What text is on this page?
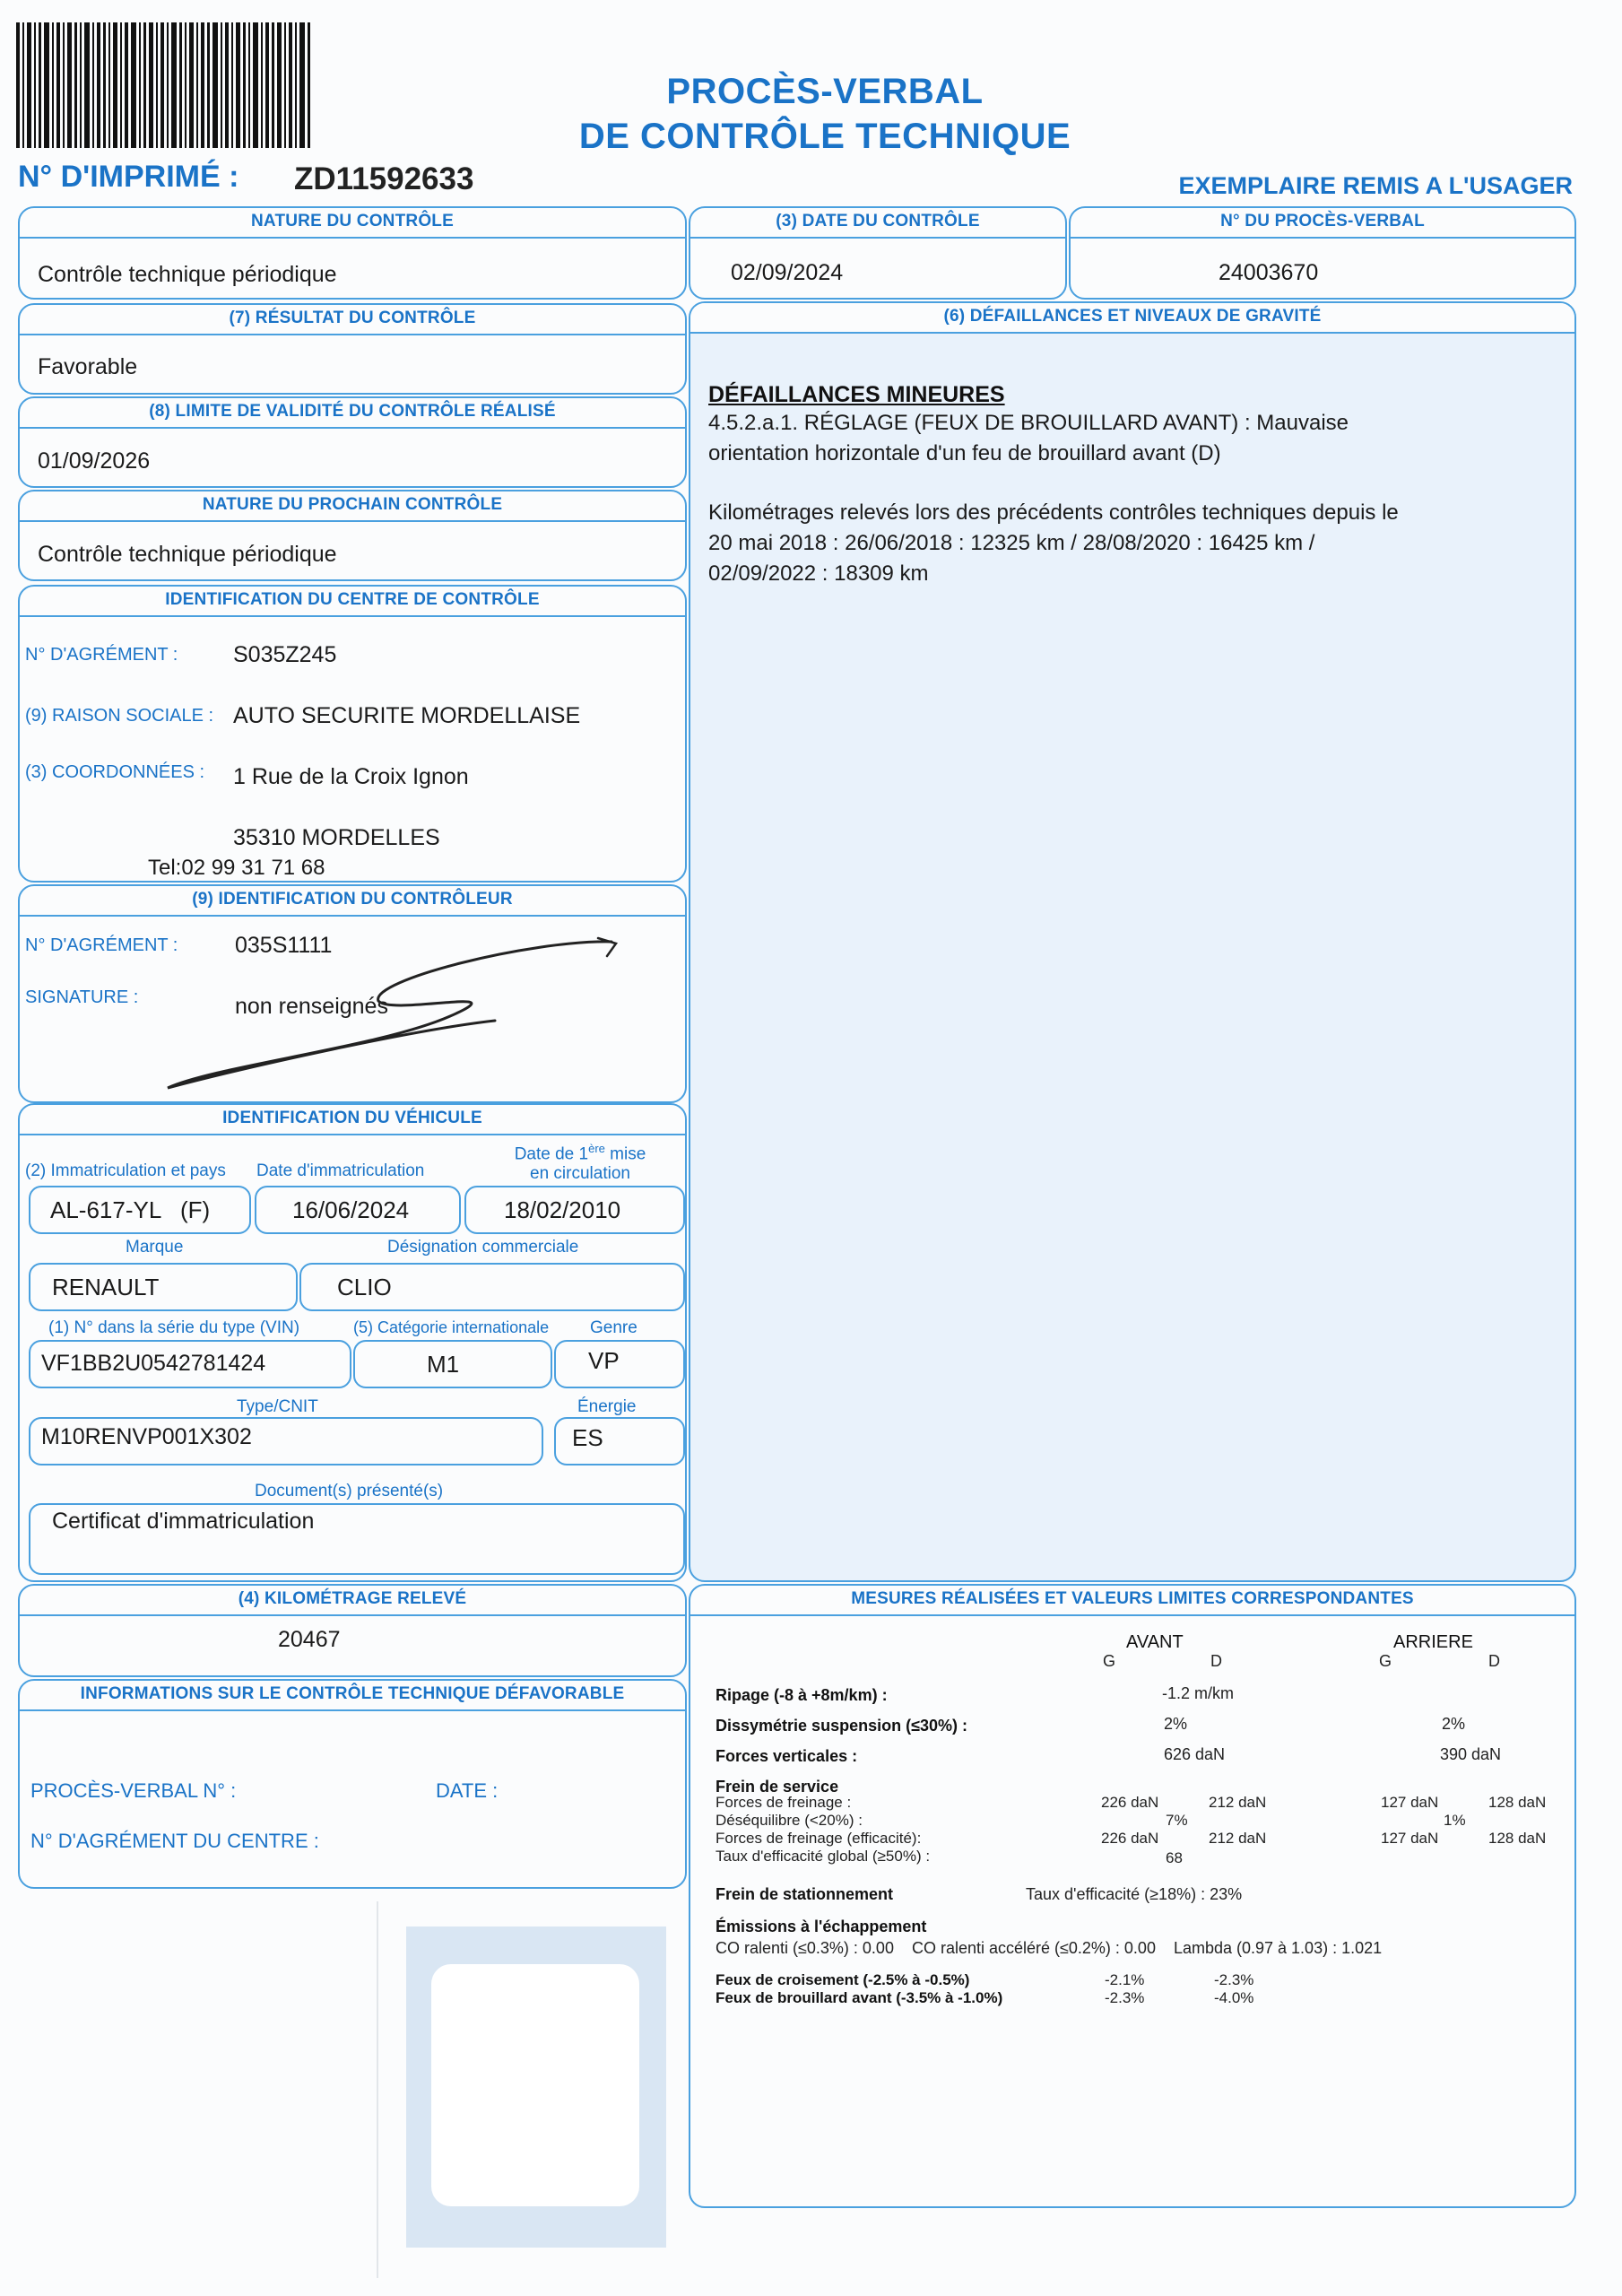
PROCÈS-VERBAL
DE CONTRÔLE TECHNIQUE
N° D'IMPRIMÉ : ZD11592633	EXEMPLAIRE REMIS A L'USAGER
NATURE DU CONTRÔLE
Contrôle technique périodique
(3) DATE DU CONTRÔLE
02/09/2024
N° DU PROCÈS-VERBAL
24003670
(7) RÉSULTAT DU CONTRÔLE
Favorable
(8) LIMITE DE VALIDITÉ DU CONTRÔLE RÉALISÉ
01/09/2026
NATURE DU PROCHAIN CONTRÔLE
Contrôle technique périodique
IDENTIFICATION DU CENTRE DE CONTRÔLE
N° D'AGRÉMENT : S035Z245
(9) RAISON SOCIALE : AUTO SECURITE MORDELLAISE
(3) COORDONNÉES : 1 Rue de la Croix Ignon
35310 MORDELLES
Tel:02 99 31 71 68
(9) IDENTIFICATION DU CONTRÔLEUR
N° D'AGRÉMENT :	035S1111
SIGNATURE :	non renseignés
IDENTIFICATION DU VÉHICULE
(2) Immatriculation et pays Date d'immatriculation
Date de 1ère mise
en circulation
AL-617-YL   (F)	16/06/2024	18/02/2010
Marque	Désignation commerciale
RENAULT	CLIO
(1) N° dans la série du type (VIN)	(5) Catégorie internationale Genre
VF1BB2U0542781424	M1	VP
Type/CNIT	Énergie
M10RENVP001X302	ES
Document(s) présenté(s)
Certificat d'immatriculation
(4) KILOMÉTRAGE RELEVÉ
20467
INFORMATIONS SUR LE CONTRÔLE TECHNIQUE DÉFAVORABLE
PROCÈS-VERBAL N° :	DATE :
N° D'AGRÉMENT DU CENTRE :
(6) DÉFAILLANCES ET NIVEAUX DE GRAVITÉ
DÉFAILLANCES MINEURES
4.5.2.a.1. RÉGLAGE (FEUX DE BROUILLARD AVANT) : Mauvaise
orientation horizontale d'un feu de brouillard avant (D)
Kilométrages relevés lors des précédents contrôles techniques depuis le
20 mai 2018 : 26/06/2018 : 12325 km / 28/08/2020 : 16425 km /
02/09/2022 : 18309 km
MESURES RÉALISÉES ET VALEURS LIMITES CORRESPONDANTES
AVANT	ARRIERE
G	D	G	D
Ripage (-8 à +8m/km) :	-1.2 m/km
Dissymétrie suspension (≤30%) :	2%	2%
Forces verticales :	626 daN	390 daN
Frein de service
Forces de freinage :	226 daN	212 daN	127 daN	128 daN
Déséquilibre (<20%) :	7%	1%
Forces de freinage (efficacité):	226 daN	212 daN	127 daN	128 daN
Taux d'efficacité global (≥50%) :	68
Frein de stationnement	Taux d'efficacité (≥18%) : 23%
Émissions à l'échappement
CO ralenti (≤0.3%) : 0.00    CO ralenti accéléré (≤0.2%) : 0.00    Lambda (0.97 à 1.03) : 1.021
Feux de croisement (-2.5% à -0.5%)	-2.1%	-2.3%
Feux de brouillard avant (-3.5% à -1.0%)	-2.3%	-4.0%
